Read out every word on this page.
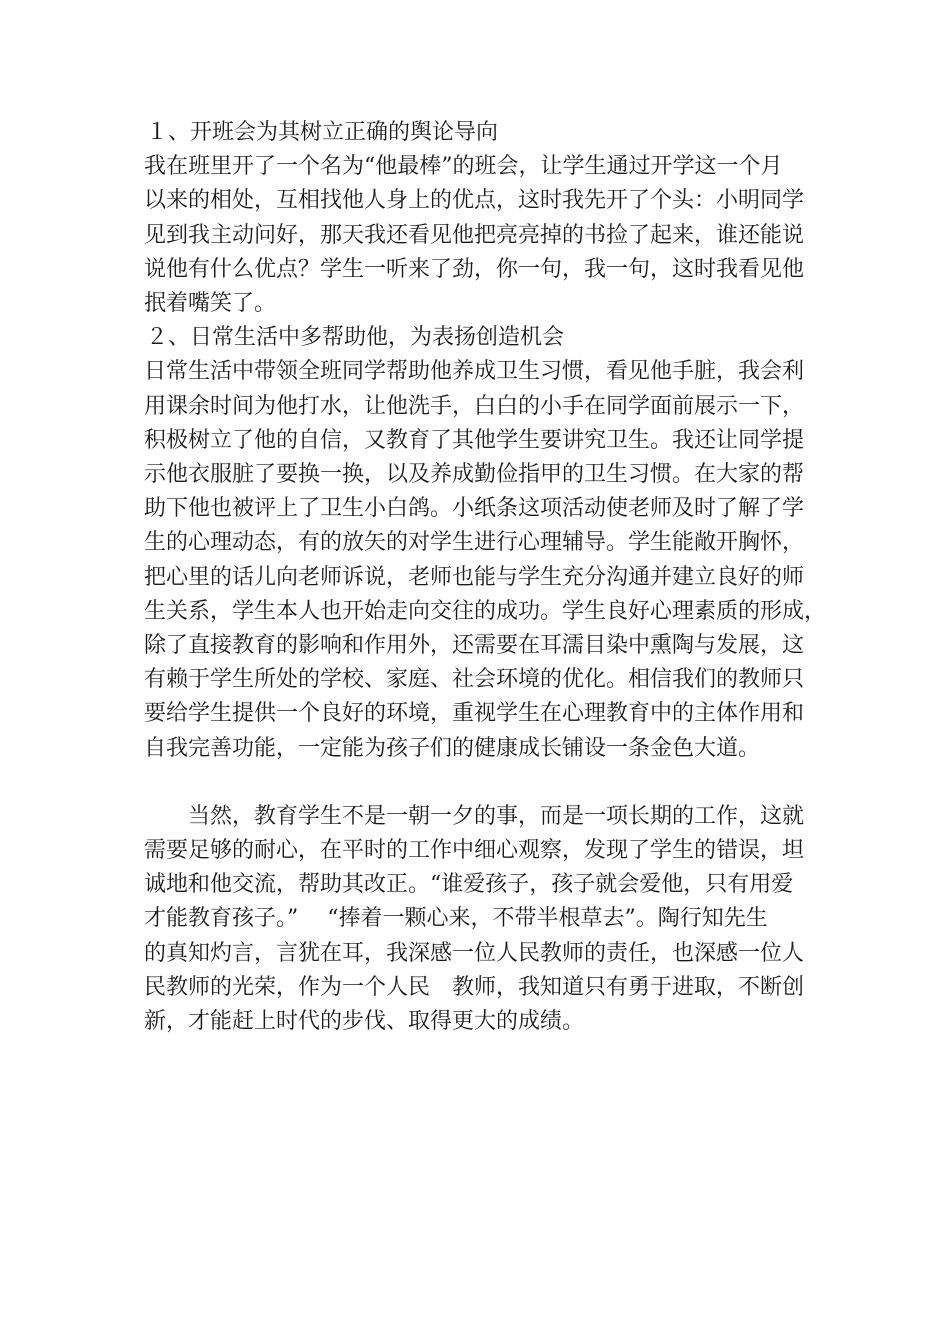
１、开班会为其树立正确的舆论导向
我在班里开了一个名为“他最棒”的班会，让学生通过开学这一个月
以来的相处，互相找他人身上的优点，这时我先开了个头：小明同学
见到我主动问好，那天我还看见他把亮亮掉的书捡了起来，谁还能说
说他有什么优点？学生一听来了劲，你一句，我一句，这时我看见他
抿着嘴笑了。
２、日常生活中多帮助他，为表扬创造机会
日常生活中带领全班同学帮助他养成卫生习惯，看见他手脏，我会利
用课余时间为他打水，让他洗手，白白的小手在同学面前展示一下，
积极树立了他的自信，又教育了其他学生要讲究卫生。我还让同学提
示他衣服脏了要换一换，以及养成勤俭指甲的卫生习惯。在大家的帮
助下他也被评上了卫生小白鸽。小纸条这项活动使老师及时了解了学
生的心理动态，有的放矢的对学生进行心理辅导。学生能敞开胸怀，
把心里的话儿向老师诉说，老师也能与学生充分沟通并建立良好的师
生关系，学生本人也开始走向交往的成功。学生良好心理素质的形成，
除了直接教育的影响和作用外，还需要在耳濡目染中熏陶与发展，这
有赖于学生所处的学校、家庭、社会环境的优化。相信我们的教师只
要给学生提供一个良好的环境，重视学生在心理教育中的主体作用和
自我完善功能，一定能为孩子们的健康成长铺设一条金色大道。
当然，教育学生不是一朝一夕的事，而是一项长期的工作，这就
需要足够的耐心，在平时的工作中细心观察，发现了学生的错误，坦
诚地和他交流，帮助其改正。“谁爱孩子，孩子就会爱他，只有用爱
才能教育孩子。”　 “捧着一颗心来，不带半根草去”。陶行知先生
的真知灼言，言犹在耳，我深感一位人民教师的责任，也深感一位人
民教师的光荣，作为一个人民　教师，我知道只有勇于进取，不断创
新，才能赶上时代的步伐、取得更大的成绩。
